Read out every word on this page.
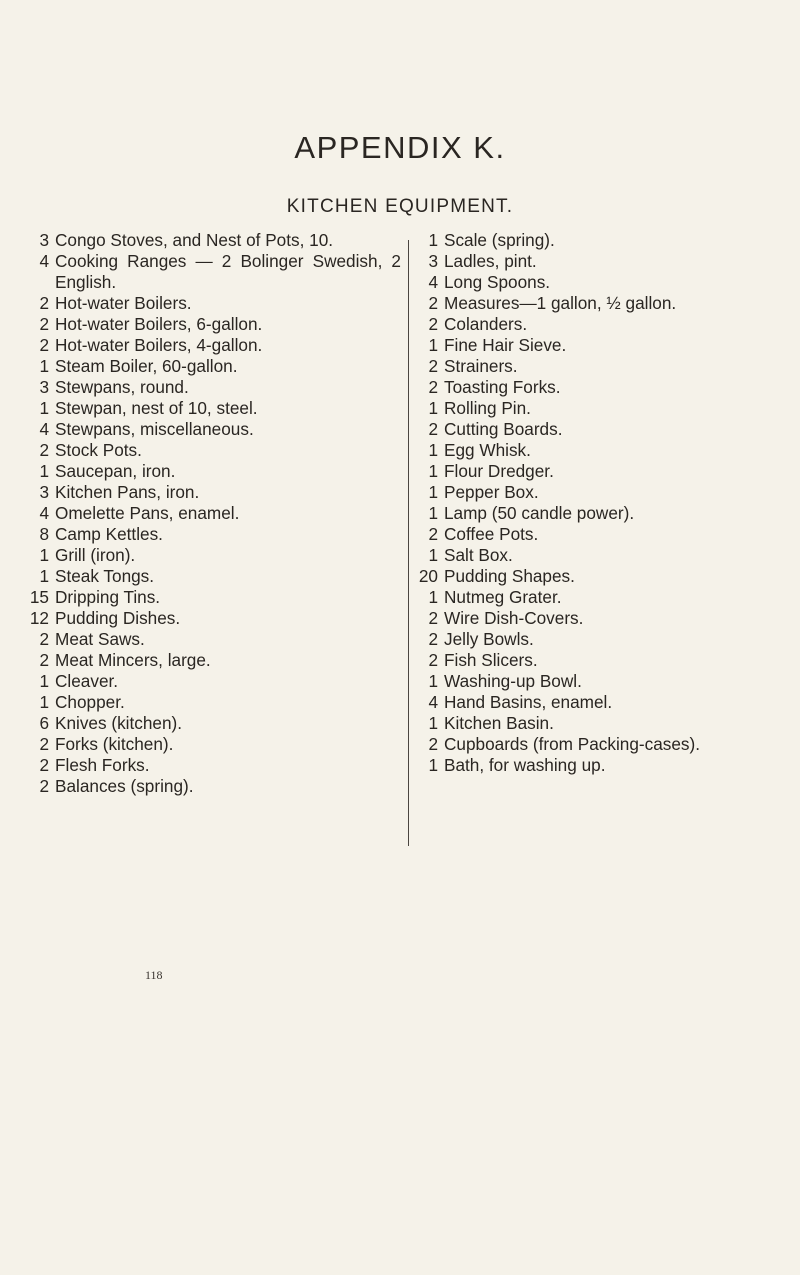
APPENDIX K.
KITCHEN EQUIPMENT.
3 Congo Stoves, and Nest of Pots, 10.
4 Cooking Ranges — 2 Bolinger Swedish, 2 English.
2 Hot-water Boilers.
2 Hot-water Boilers, 6-gallon.
2 Hot-water Boilers, 4-gallon.
1 Steam Boiler, 60-gallon.
3 Stewpans, round.
1 Stewpan, nest of 10, steel.
4 Stewpans, miscellaneous.
2 Stock Pots.
1 Saucepan, iron.
3 Kitchen Pans, iron.
4 Omelette Pans, enamel.
8 Camp Kettles.
1 Grill (iron).
1 Steak Tongs.
15 Dripping Tins.
12 Pudding Dishes.
2 Meat Saws.
2 Meat Mincers, large.
1 Cleaver.
1 Chopper.
6 Knives (kitchen).
2 Forks (kitchen).
2 Flesh Forks.
2 Balances (spring).
1 Scale (spring).
3 Ladles, pint.
4 Long Spoons.
2 Measures—1 gallon, ½ gallon.
2 Colanders.
1 Fine Hair Sieve.
2 Strainers.
2 Toasting Forks.
1 Rolling Pin.
2 Cutting Boards.
1 Egg Whisk.
1 Flour Dredger.
1 Pepper Box.
1 Lamp (50 candle power).
2 Coffee Pots.
1 Salt Box.
20 Pudding Shapes.
1 Nutmeg Grater.
2 Wire Dish-Covers.
2 Jelly Bowls.
2 Fish Slicers.
1 Washing-up Bowl.
4 Hand Basins, enamel.
1 Kitchen Basin.
2 Cupboards (from Packing-cases).
1 Bath, for washing up.
118
